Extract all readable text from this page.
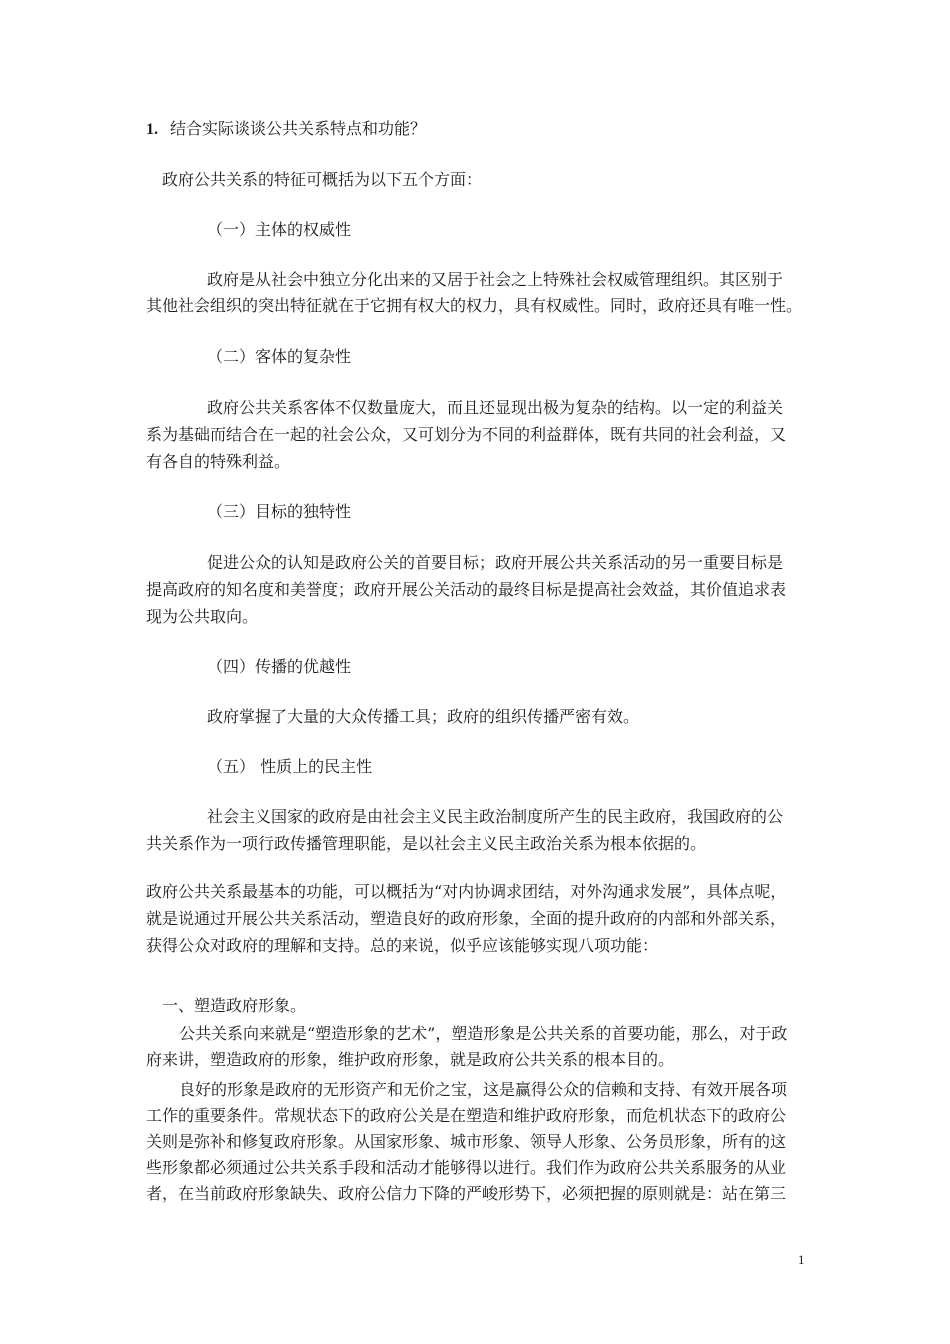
1. 结合实际谈谈公共关系特点和功能？
政府公共关系的特征可概括为以下五个方面：
（一）主体的权威性
政府是从社会中独立分化出来的又居于社会之上特殊社会权威管理组织。其区别于
其他社会组织的突出特征就在于它拥有权大的权力，具有权威性。同时，政府还具有唯一性。
（二）客体的复杂性
政府公共关系客体不仅数量庞大，而且还显现出极为复杂的结构。以一定的利益关
系为基础而结合在一起的社会公众，又可划分为不同的利益群体，既有共同的社会利益，又
有各自的特殊利益。
（三）目标的独特性
促进公众的认知是政府公关的首要目标；政府开展公共关系活动的另一重要目标是
提高政府的知名度和美誉度；政府开展公关活动的最终目标是提高社会效益，其价值追求表
现为公共取向。
（四）传播的优越性
政府掌握了大量的大众传播工具；政府的组织传播严密有效。
（五） 性质上的民主性
社会主义国家的政府是由社会主义民主政治制度所产生的民主政府，我国政府的公
共关系作为一项行政传播管理职能，是以社会主义民主政治关系为根本依据的。
政府公共关系最基本的功能，可以概括为“对内协调求团结，对外沟通求发展”，具体点呢，
就是说通过开展公共关系活动，塑造良好的政府形象，全面的提升政府的内部和外部关系，
获得公众对政府的理解和支持。总的来说，似乎应该能够实现八项功能：
一、塑造政府形象。
公共关系向来就是“塑造形象的艺术”，塑造形象是公共关系的首要功能，那么，对于政
府来讲，塑造政府的形象，维护政府形象，就是政府公共关系的根本目的。
良好的形象是政府的无形资产和无价之宝，这是赢得公众的信赖和支持、有效开展各项
工作的重要条件。常规状态下的政府公关是在塑造和维护政府形象，而危机状态下的政府公
关则是弥补和修复政府形象。从国家形象、城市形象、领导人形象、公务员形象，所有的这
些形象都必须通过公共关系手段和活动才能够得以进行。我们作为政府公共关系服务的从业
者，在当前政府形象缺失、政府公信力下降的严峻形势下，必须把握的原则就是：站在第三
1
